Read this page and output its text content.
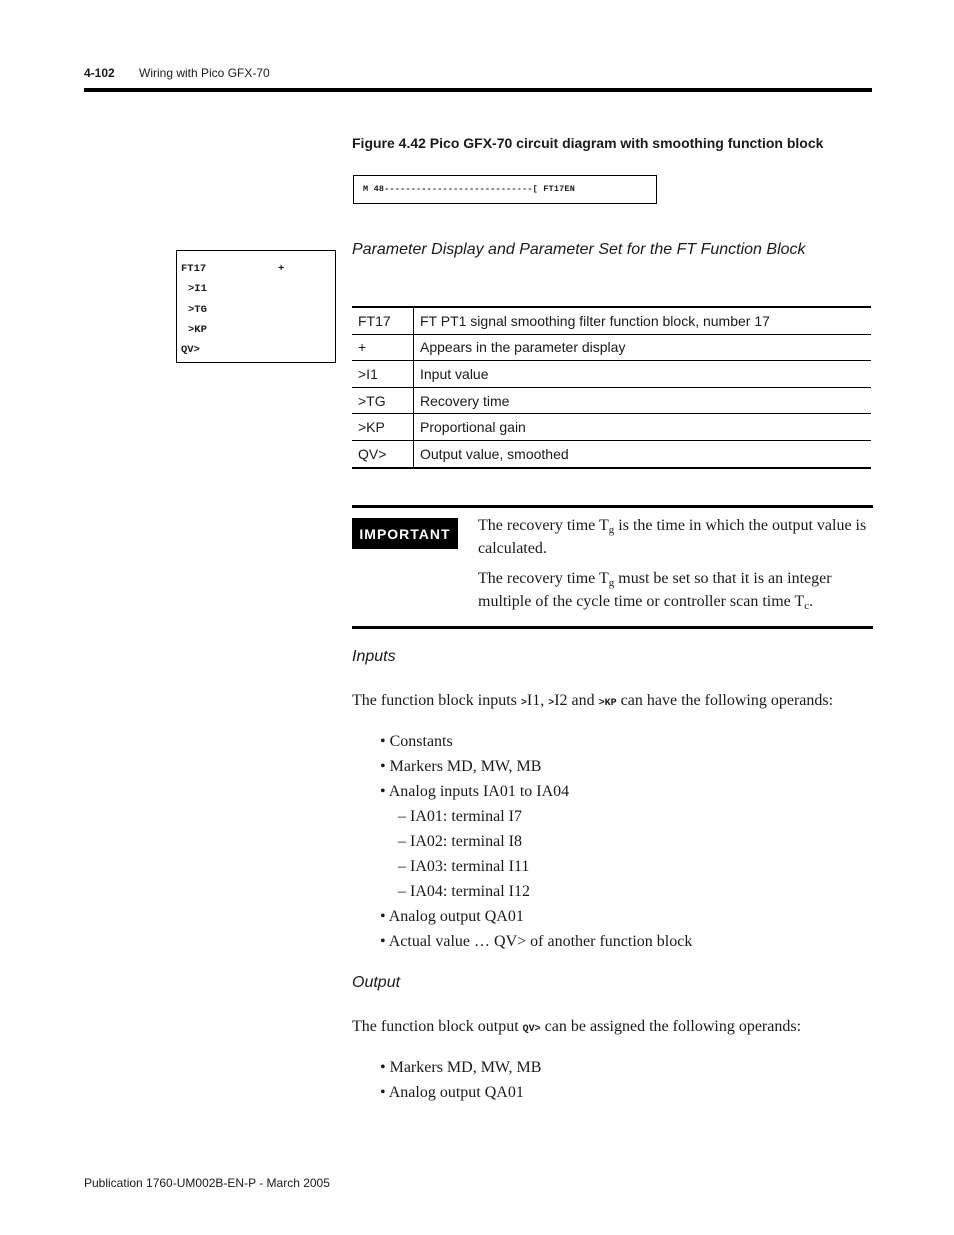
4-102 Wiring with Pico GFX-70
Figure 4.42 Pico GFX-70 circuit diagram with smoothing function block
M 48----------------------------[ FT17EN
FT17	+
>I1
>TG
>KP
QV>
Parameter Display and Parameter Set for the FT Function Block
FT17	FT PT1 signal smoothing filter function block, number 17
+	Appears in the parameter display
>I1	Input value
>TG	Recovery time
>KP	Proportional gain
QV>	Output value, smoothed
IMPORTANT	The recovery time $T_g$ is the time in which the output value is calculated.
The recovery time $T_g$ must be set so that it is an integer multiple of the cycle time or controller scan time $T_c$.
Inputs
The function block inputs >I1, >I2 and >KP can have the following operands:
• Constants
• Markers MD, MW, MB
• Analog inputs IA01 to IA04
– IA01: terminal I7
– IA02: terminal I8
– IA03: terminal I11
– IA04: terminal I12
• Analog output QA01
• Actual value … QV> of another function block
Output
The function block output QV> can be assigned the following operands:
• Markers MD, MW, MB
• Analog output QA01
Publication 1760-UM002B-EN-P - March 2005
